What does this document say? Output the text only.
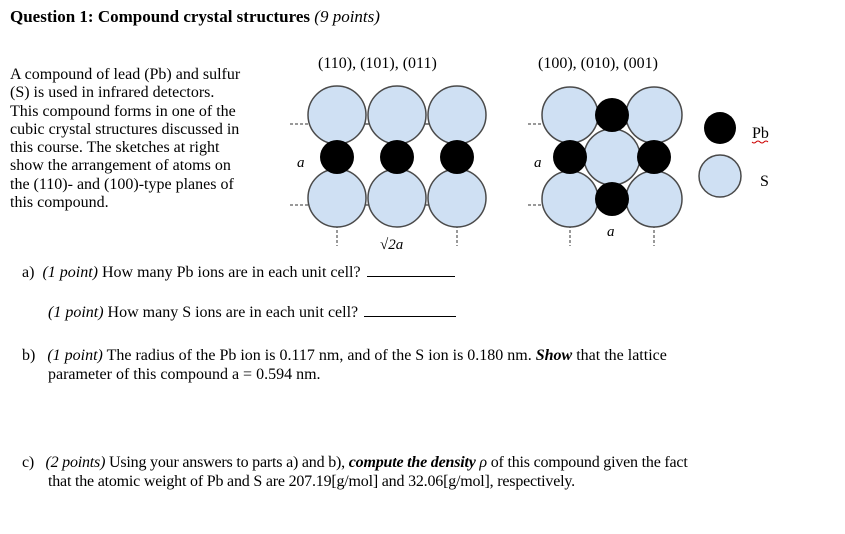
Question 1: Compound crystal structures (9 points)
A compound of lead (Pb) and sulfur
(S) is used in infrared detectors.
This compound forms in one of the
cubic crystal structures discussed in
this course. The sketches at right
show the arrangement of atoms on
the (110)- and (100)-type planes of
this compound.
(110), (101), (011)	(100), (010), (001)
Pb
S
a	a
a
√2a
a) (1 point) How many Pb ions are in each unit cell?
(1 point) How many S ions are in each unit cell?
b) (1 point) The radius of the Pb ion is 0.117 nm, and of the S ion is 0.180 nm. Show that the lattice
parameter of this compound a = 0.594 nm.
c) (2 points) Using your answers to parts a) and b), compute the density ρ of this compound given the fact
that the atomic weight of Pb and S are 207.19[g/mol] and 32.06[g/mol], respectively.
